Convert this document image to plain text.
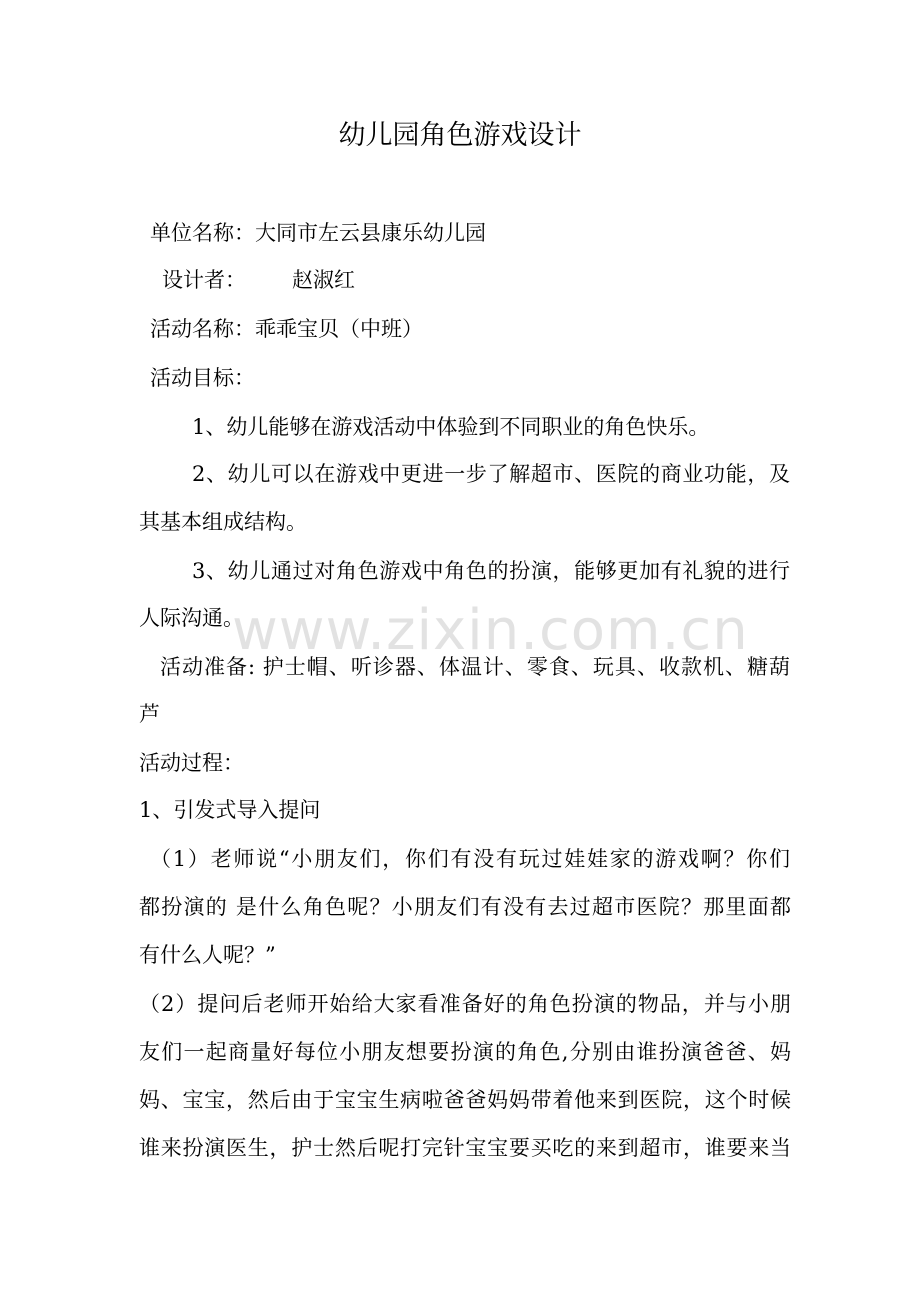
幼儿园角色游戏设计
单位名称：大同市左云县康乐幼儿园
设计者： 赵淑红
活动名称：乖乖宝贝（中班）
活动目标：
1、幼儿能够在游戏活动中体验到不同职业的角色快乐。
2、幼儿可以在游戏中更进一步了解超市、医院的商业功能，及
其基本组成结构。
3、幼儿通过对角色游戏中角色的扮演，能够更加有礼貌的进行
人际沟通。
活动准备: 护士帽、听诊器、体温计、零食、玩具、收款机、糖葫
芦
活动过程：
1、引发式导入提问
（1）老师说“小朋友们，你们有没有玩过娃娃家的游戏啊？你们
都扮演的 是什么角色呢？小朋友们有没有去过超市医院？那里面都
有什么人呢？”
（2）提问后老师开始给大家看准备好的角色扮演的物品，并与小朋
友们一起商量好每位小朋友想要扮演的角色,分别由谁扮演爸爸、妈
妈、宝宝，然后由于宝宝生病啦爸爸妈妈带着他来到医院，这个时候
谁来扮演医生，护士然后呢打完针宝宝要买吃的来到超市，谁要来当
www.zixin.com.cn
